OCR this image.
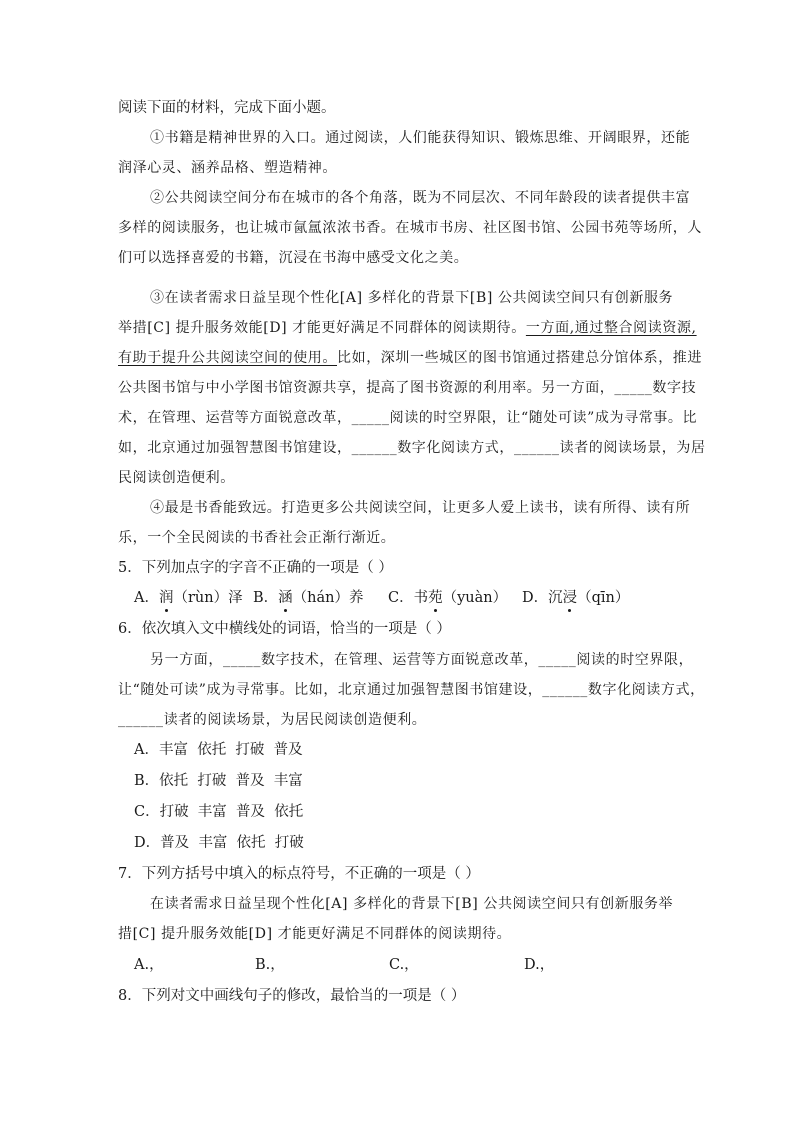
阅读下面的材料，完成下面小题。
①书籍是精神世界的入口。通过阅读，人们能获得知识、锻炼思维、开阔眼界，还能
润泽心灵、涵养品格、塑造精神。
②公共阅读空间分布在城市的各个角落，既为不同层次、不同年龄段的读者提供丰富
多样的阅读服务，也让城市氤氲浓浓书香。在城市书房、社区图书馆、公园书苑等场所，人
们可以选择喜爱的书籍，沉浸在书海中感受文化之美。
③在读者需求日益呈现个性化[A] 多样化的背景下[B] 公共阅读空间只有创新服务
举措[C] 提升服务效能[D] 才能更好满足不同群体的阅读期待。一方面,通过整合阅读资源,
有助于提升公共阅读空间的使用。比如，深圳一些城区的图书馆通过搭建总分馆体系，推进
公共图书馆与中小学图书馆资源共享，提高了图书资源的利用率。另一方面，_____数字技
术，在管理、运营等方面锐意改革，_____阅读的时空界限，让“随处可读”成为寻常事。比
如，北京通过加强智慧图书馆建设，______数字化阅读方式，______读者的阅读场景，为居
民阅读创造便利。
④最是书香能致远。打造更多公共阅读空间，让更多人爱上读书，读有所得、读有所
乐，一个全民阅读的书香社会正渐行渐近。
5．下列加点字的字音不正确的一项是（ ）
A．润（rùn）泽 B．涵（hán）养 C．书苑（yuàn） D．沉浸（qīn）
6．依次填入文中横线处的词语，恰当的一项是（ ）
另一方面，_____数字技术，在管理、运营等方面锐意改革，_____阅读的时空界限，
让“随处可读”成为寻常事。比如，北京通过加强智慧图书馆建设，______数字化阅读方式，
______读者的阅读场景，为居民阅读创造便利。
A．丰富  依托  打破  普及
B．依托  打破  普及  丰富
C．打破  丰富  普及  依托
D．普及  丰富  依托  打破
7．下列方括号中填入的标点符号，不正确的一项是（ ）
在读者需求日益呈现个性化[A] 多样化的背景下[B] 公共阅读空间只有创新服务举
措[C] 提升服务效能[D] 才能更好满足不同群体的阅读期待。
A.，	B.，	C.，	D.，
8．下列对文中画线句子的修改，最恰当的一项是（ ）
